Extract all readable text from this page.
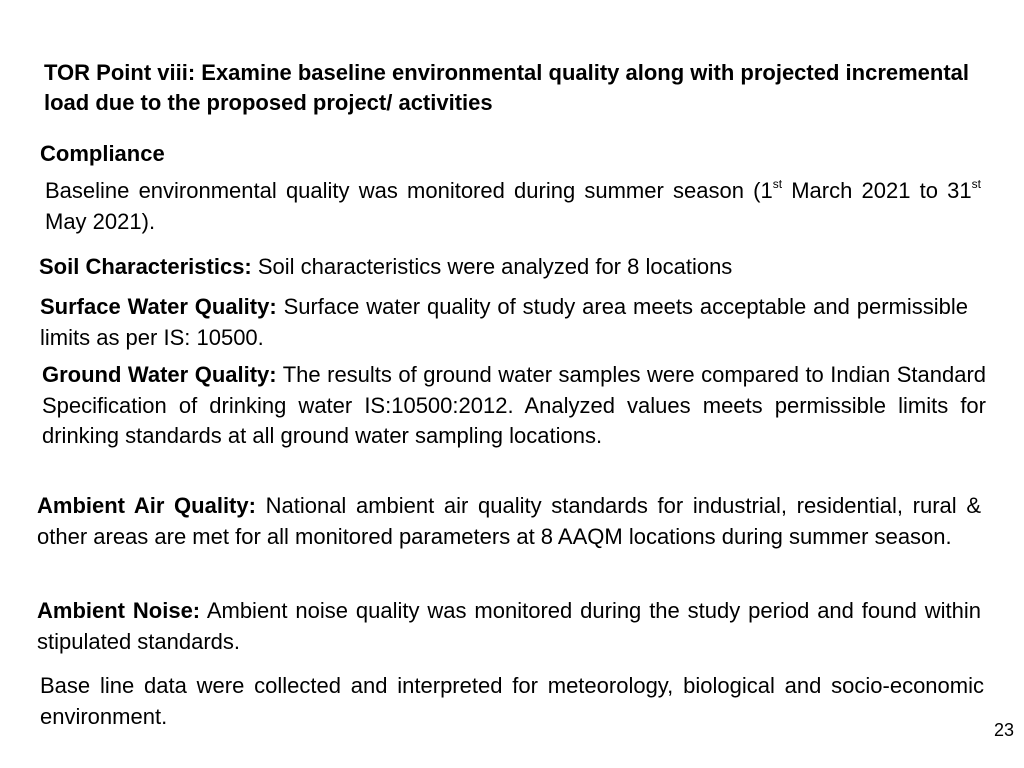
TOR Point viii: Examine baseline environmental quality along with projected incremental load due to the proposed project/ activities

Compliance

Baseline environmental quality was monitored during summer season (1st March 2021 to 31st May 2021).

Soil Characteristics: Soil characteristics were analyzed for 8 locations

Surface Water Quality: Surface water quality of study area meets acceptable and permissible limits as per IS: 10500.

Ground Water Quality: The results of ground water samples were compared to Indian Standard Specification of drinking water IS:10500:2012. Analyzed values meets permissible limits for drinking standards at all ground water sampling locations.

Ambient Air Quality: National ambient air quality standards for industrial, residential, rural & other areas are met for all monitored parameters at 8 AAQM locations during summer season.

Ambient Noise: Ambient noise quality was monitored during the study period and found within stipulated standards.

Base line data were collected and interpreted for meteorology, biological and socio-economic environment.

23
